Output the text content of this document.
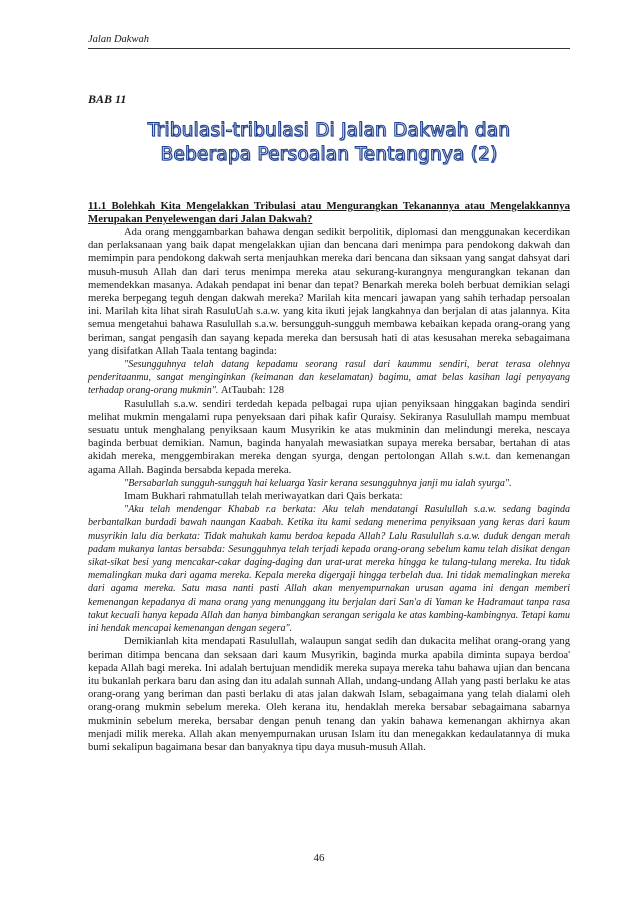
Jalan Dakwah
BAB 11
Tribulasi-tribulasi Di Jalan Dakwah dan
Beberapa Persoalan Tentangnya (2)
11.1 Bolehkah Kita Mengelakkan Tribulasi atau Mengurangkan Tekanannya atau Mengelakkannya Merupakan Penyelewengan dari Jalan Dakwah?

Ada orang menggambarkan bahawa dengan sedikit berpolitik, diplomasi dan menggunakan kecerdikan dan perlaksanaan yang baik dapat mengelakkan ujian dan bencana dari menimpa para pendokong dakwah dan memimpin para pendokong dakwah serta menjauhkan mereka dari bencana dan siksaan yang sangat dahsyat dari musuh-musuh Allah dan dari terus menimpa mereka atau sekurang-kurangnya mengurangkan tekanan dan memendekkan masanya. Adakah pendapat ini benar dan tepat? Benarkah mereka boleh berbuat demikian selagi mereka berpegang teguh dengan dakwah mereka? Marilah kita mencari jawapan yang sahih terhadap persoalan ini. Marilah kita lihat sirah RasuluUah s.a.w. yang kita ikuti jejak langkahnya dan berjalan di atas jalannya. Kita semua mengetahui bahawa Rasulullah s.a.w. bersungguh-sungguh membawa kebaikan kepada orang-orang yang beriman, sangat pengasih dan sayang kepada mereka dan bersusah hati di atas kesusahan mereka sebagaimana yang disifatkan Allah Taala tentang baginda:

"Sesungguhnya telah datang kepadamu seorang rasul dari kaummu sendiri, berat terasa olehnya penderitaanmu, sangat menginginkan (keimanan dan keselamatan) bagimu, amat belas kasihan lagi penyayang terhadap orang-orang mukmin". AtTaubah: 128

Rasulullah s.a.w. sendiri terdedah kepada pelbagai rupa ujian penyiksaan hinggakan baginda sendiri melihat mukmin mengalami rupa penyeksaan dari pihak kafir Quraisy. Sekiranya Rasulullah mampu membuat sesuatu untuk menghalang penyiksaan kaum Musyrikin ke atas mukminin dan melindungi mereka, nescaya baginda berbuat demikian. Namun, baginda hanyalah mewasiatkan supaya mereka bersabar, bertahan di atas akidah mereka, menggembirakan mereka dengan syurga, dengan pertolongan Allah s.w.t. dan kemenangan agama Allah. Baginda bersabda kepada mereka.

"Bersabarlah sungguh-sungguh hai keluarga Yasir kerana sesungguhnya janji mu ialah syurga".

Imam Bukhari rahmatullah telah meriwayatkan dari Qais berkata:

"Aku telah mendengar Khabab r.a berkata: Aku telah mendatangi Rasulullah s.a.w. sedang baginda berbantalkan burdadi bawah naungan Kaabah. Ketika itu kami sedang menerima penyiksaan yang keras dari kaum musyrikin lalu dia berkata: Tidak mahukah kamu berdoa kepada Allah? Lalu Rasulullah s.a.w. duduk dengan merah padam mukanya lantas bersabda: Sesungguhnya telah terjadi kepada orang-orang sebelum kamu telah disikat dengan sikat-sikat besi yang mencakar-cakar daging-daging dan urat-urat mereka hingga ke tulang-tulang mereka. Itu tidak memalingkan muka dari agama mereka. Kepala mereka digergaji hingga terbelah dua. Ini tidak memalingkan mereka dari agama mereka. Satu masa nanti pasti Allah akan menyempurnakan urusan agama ini dengan memberi kemenangan kepadanya di mana orang yang menunggang itu berjalan dari San'a di Yaman ke Hadramaut tanpa rasa takut kecuali hanya kepada Allah dan hanya bimbangkan serangan serigala ke atas kambing-kambingnya. Tetapi kamu ini hendak mencapai kemenangan dengan segera".

Demikianlah kita mendapati Rasulullah, walaupun sangat sedih dan dukacita melihat orang-orang yang beriman ditimpa bencana dan seksaan dari kaum Musyrikin, baginda murka apabila diminta supaya berdoa' kepada Allah bagi mereka. Ini adalah bertujuan mendidik mereka supaya mereka tahu bahawa ujian dan bencana itu bukanlah perkara baru dan asing dan itu adalah sunnah Allah, undang-undang Allah yang pasti berlaku ke atas orang-orang yang beriman dan pasti berlaku di atas jalan dakwah Islam, sebagaimana yang telah dialami oleh orang-orang mukmin sebelum mereka. Oleh kerana itu, hendaklah mereka bersabar sebagaimana sabarnya mukminin sebelum mereka, bersabar dengan penuh tenang dan yakin bahawa kemenangan akhirnya akan menjadi milik mereka. Allah akan menyempurnakan urusan Islam itu dan menegakkan kedaulatannya di muka bumi sekalipun bagaimana besar dan banyaknya tipu daya musuh-musuh Allah.

46
